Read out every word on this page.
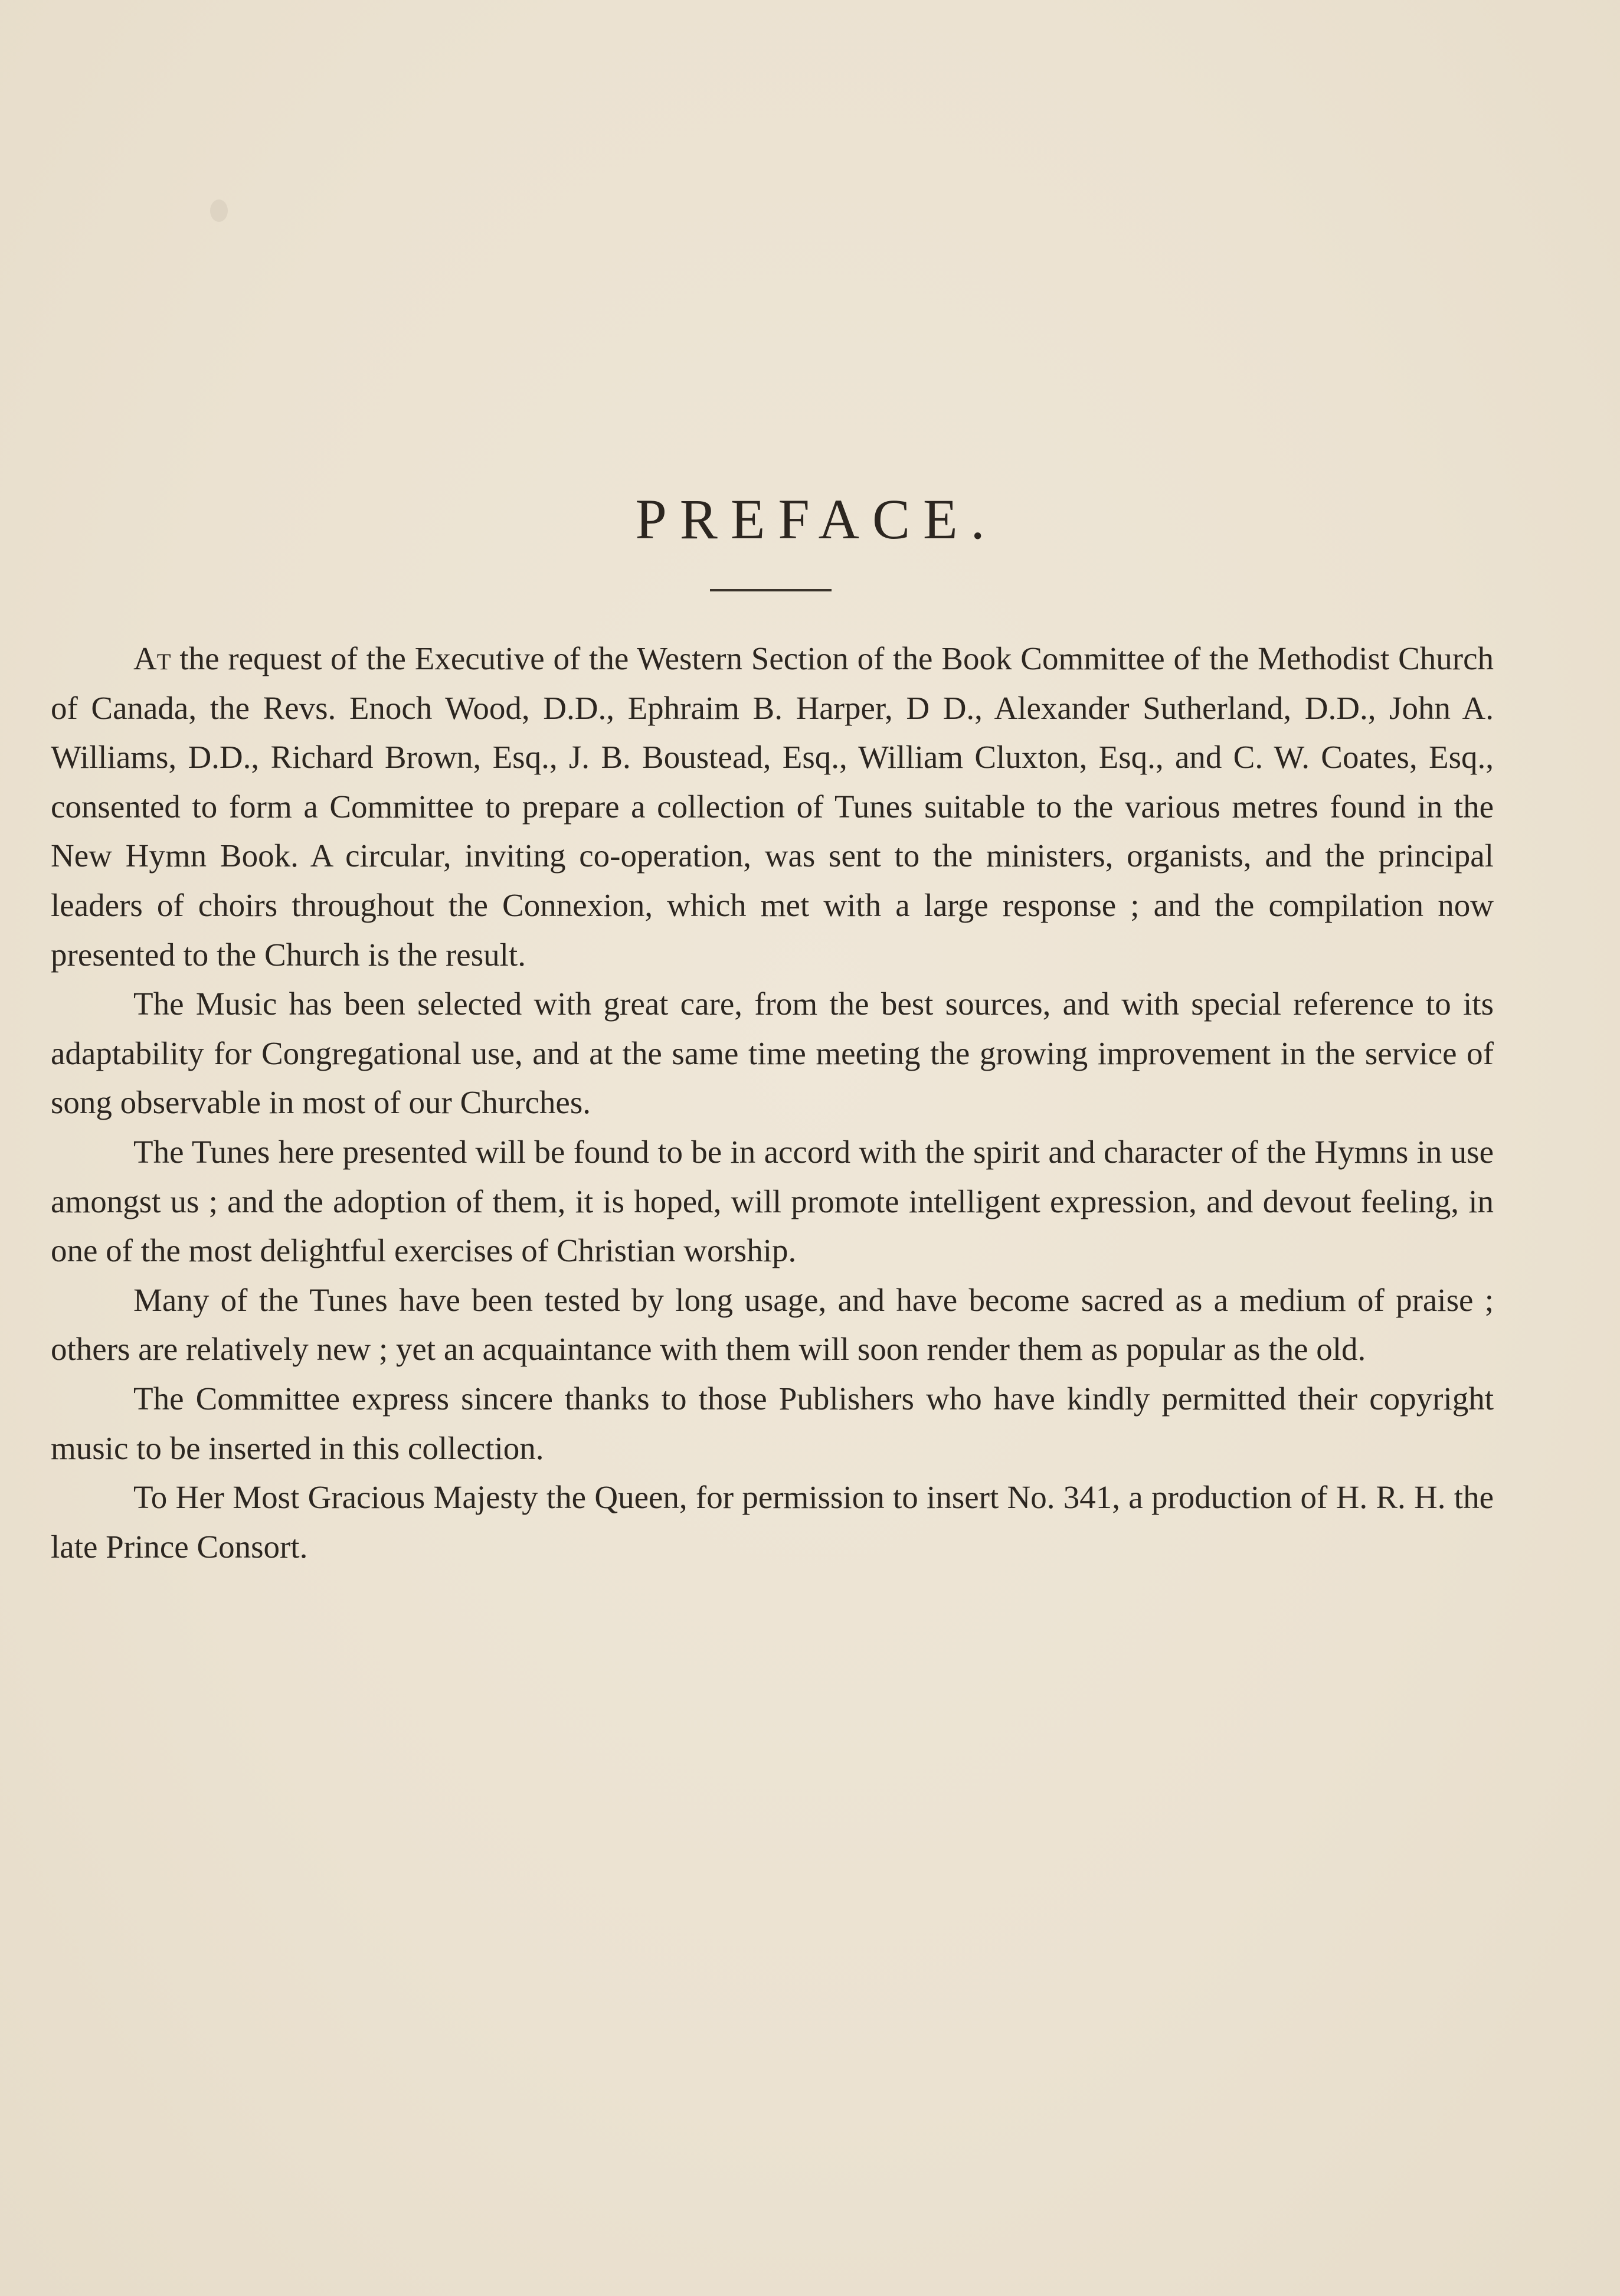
PREFACE.

At the request of the Executive of the Western Section of the Book Committee of the Methodist Church of Canada, the Revs. Enoch Wood, D.D., Ephraim B. Harper, D D., Alexander Sutherland, D.D., John A. Williams, D.D., Richard Brown, Esq., J. B. Boustead, Esq., William Cluxton, Esq., and C. W. Coates, Esq., consented to form a Committee to prepare a collection of Tunes suitable to the various metres found in the New Hymn Book. A circular, inviting co-operation, was sent to the ministers, organists, and the principal leaders of choirs throughout the Connexion, which met with a large response ; and the compilation now presented to the Church is the result.

The Music has been selected with great care, from the best sources, and with special reference to its adaptability for Congregational use, and at the same time meeting the growing improvement in the service of song observable in most of our Churches.

The Tunes here presented will be found to be in accord with the spirit and character of the Hymns in use amongst us ; and the adoption of them, it is hoped, will promote intelligent expression, and devout feeling, in one of the most delightful exercises of Christian worship.

Many of the Tunes have been tested by long usage, and have become sacred as a medium of praise ; others are relatively new ; yet an acquaintance with them will soon render them as popular as the old.

The Committee express sincere thanks to those Publishers who have kindly permitted their copyright music to be inserted in this collection.

To Her Most Gracious Majesty the Queen, for permission to insert No. 341, a production of H. R. H. the late Prince Consort.
